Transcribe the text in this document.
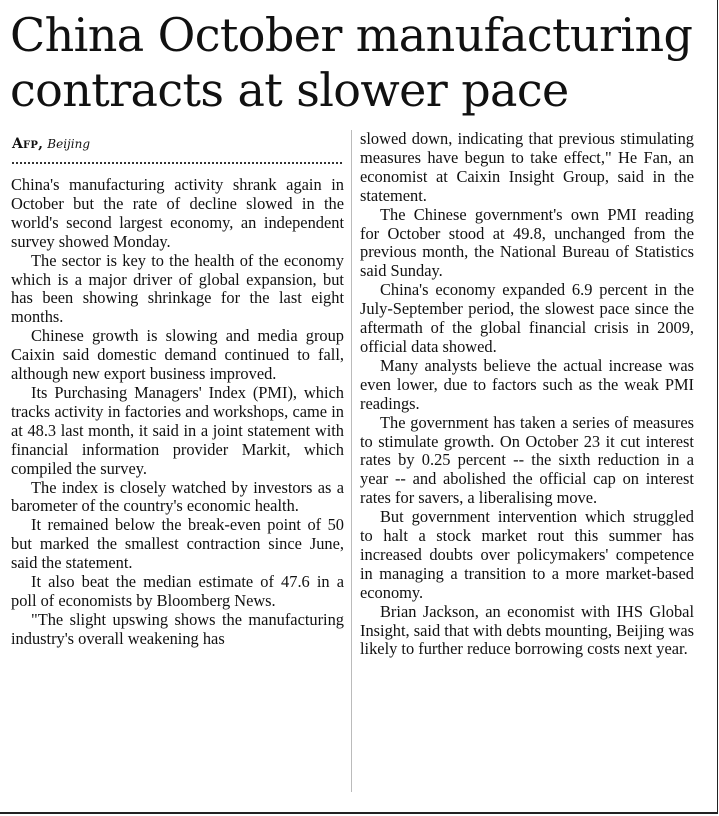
China October manufacturing contracts at slower pace
Afp, Beijing

China's manufacturing activity shrank again in October but the rate of decline slowed in the world's second largest economy, an independent survey showed Monday.

The sector is key to the health of the economy which is a major driver of global expansion, but has been showing shrinkage for the last eight months.

Chinese growth is slowing and media group Caixin said domestic demand continued to fall, although new export business improved.

Its Purchasing Managers' Index (PMI), which tracks activity in factories and workshops, came in at 48.3 last month, it said in a joint statement with financial information provider Markit, which compiled the survey.

The index is closely watched by investors as a barometer of the country's economic health.

It remained below the break-even point of 50 but marked the smallest contraction since June, said the statement.

It also beat the median estimate of 47.6 in a poll of economists by Bloomberg News.

"The slight upswing shows the manufacturing industry's overall weakening has

slowed down, indicating that previous stimulating measures have begun to take effect," He Fan, an economist at Caixin Insight Group, said in the statement.

The Chinese government's own PMI reading for October stood at 49.8, unchanged from the previous month, the National Bureau of Statistics said Sunday.

China's economy expanded 6.9 percent in the July-September period, the slowest pace since the aftermath of the global financial crisis in 2009, official data showed.

Many analysts believe the actual increase was even lower, due to factors such as the weak PMI readings.

The government has taken a series of measures to stimulate growth. On October 23 it cut interest rates by 0.25 percent -- the sixth reduction in a year -- and abolished the official cap on interest rates for savers, a liberalising move.

But government intervention which struggled to halt a stock market rout this summer has increased doubts over policymakers' competence in managing a transition to a more market-based economy.

Brian Jackson, an economist with IHS Global Insight, said that with debts mounting, Beijing was likely to further reduce borrowing costs next year.
